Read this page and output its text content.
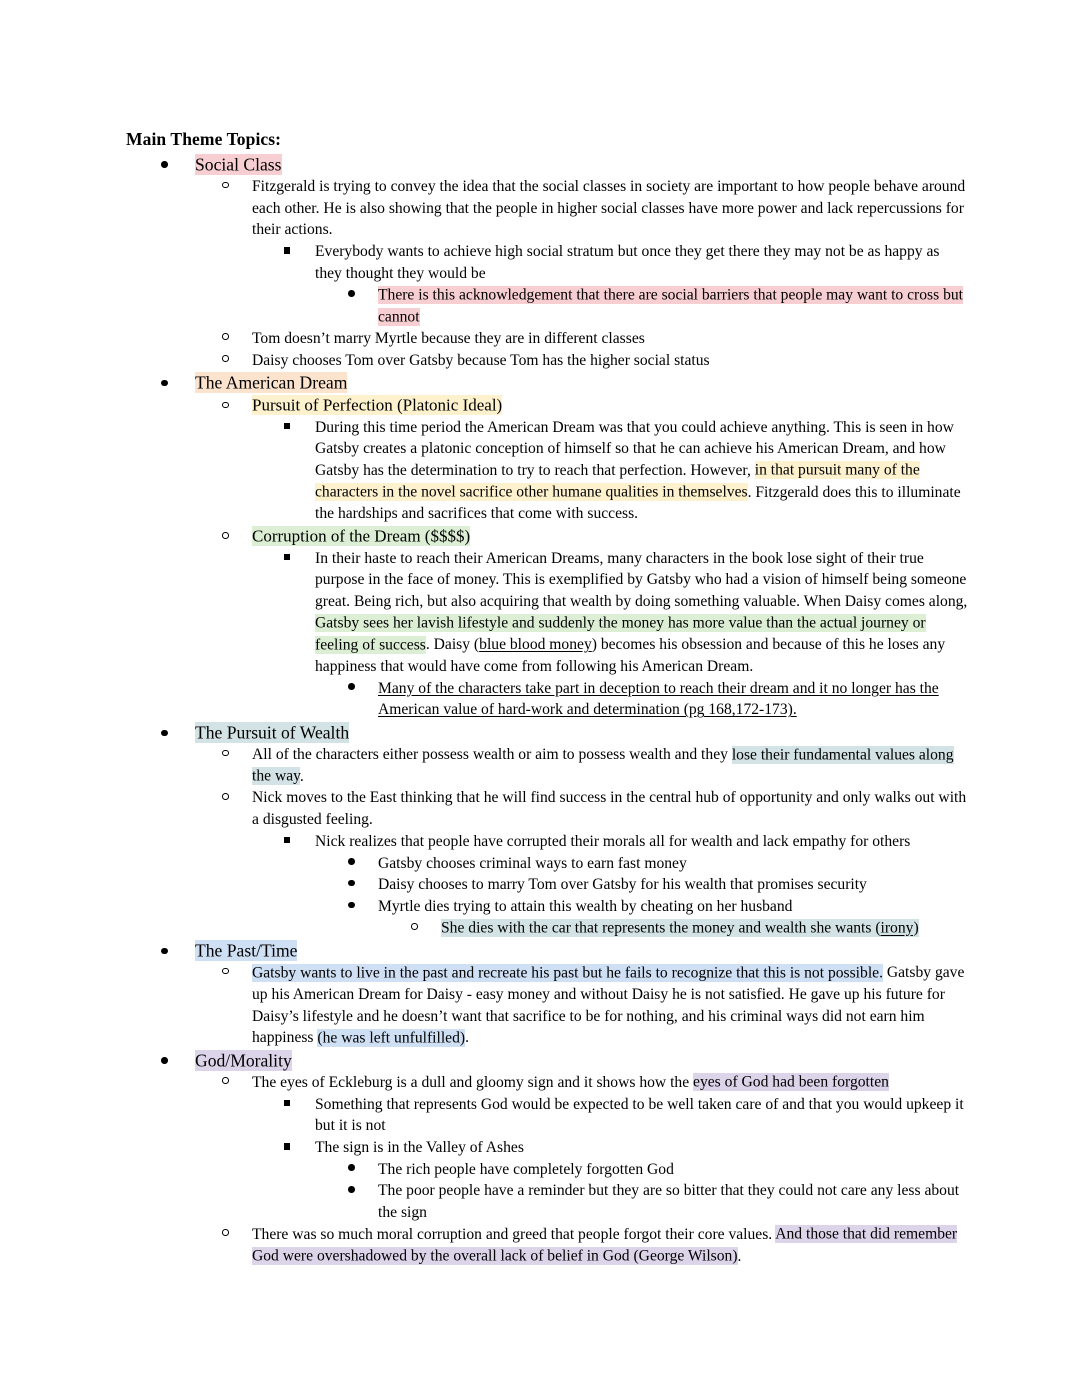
Main Theme Topics:
Social Class
Fitzgerald is trying to convey the idea that the social classes in society are important to how people behave around each other. He is also showing that the people in higher social classes have more power and lack repercussions for their actions.
Everybody wants to achieve high social stratum but once they get there they may not be as happy as they thought they would be
There is this acknowledgement that there are social barriers that people may want to cross but cannot
Tom doesn’t marry Myrtle because they are in different classes
Daisy chooses Tom over Gatsby because Tom has the higher social status
The American Dream
Pursuit of Perfection (Platonic Ideal)
During this time period the American Dream was that you could achieve anything. This is seen in how Gatsby creates a platonic conception of himself so that he can achieve his American Dream, and how Gatsby has the determination to try to reach that perfection. However, in that pursuit many of the characters in the novel sacrifice other humane qualities in themselves. Fitzgerald does this to illuminate the hardships and sacrifices that come with success.
Corruption of the Dream ($$$$)
In their haste to reach their American Dreams, many characters in the book lose sight of their true purpose in the face of money. This is exemplified by Gatsby who had a vision of himself being someone great. Being rich, but also acquiring that wealth by doing something valuable. When Daisy comes along, Gatsby sees her lavish lifestyle and suddenly the money has more value than the actual journey or feeling of success. Daisy (blue blood money) becomes his obsession and because of this he loses any happiness that would have come from following his American Dream.
Many of the characters take part in deception to reach their dream and it no longer has the American value of hard-work and determination (pg 168,172-173).
The Pursuit of Wealth
All of the characters either possess wealth or aim to possess wealth and they lose their fundamental values along the way.
Nick moves to the East thinking that he will find success in the central hub of opportunity and only walks out with a disgusted feeling.
Nick realizes that people have corrupted their morals all for wealth and lack empathy for others
Gatsby chooses criminal ways to earn fast money
Daisy chooses to marry Tom over Gatsby for his wealth that promises security
Myrtle dies trying to attain this wealth by cheating on her husband
She dies with the car that represents the money and wealth she wants (irony)
The Past/Time
Gatsby wants to live in the past and recreate his past but he fails to recognize that this is not possible. Gatsby gave up his American Dream for Daisy - easy money and without Daisy he is not satisfied. He gave up his future for Daisy’s lifestyle and he doesn’t want that sacrifice to be for nothing, and his criminal ways did not earn him happiness (he was left unfulfilled).
God/Morality
The eyes of Eckleburg is a dull and gloomy sign and it shows how the eyes of God had been forgotten
Something that represents God would be expected to be well taken care of and that you would upkeep it but it is not
The sign is in the Valley of Ashes
The rich people have completely forgotten God
The poor people have a reminder but they are so bitter that they could not care any less about the sign
There was so much moral corruption and greed that people forgot their core values. And those that did remember God were overshadowed by the overall lack of belief in God (George Wilson).
